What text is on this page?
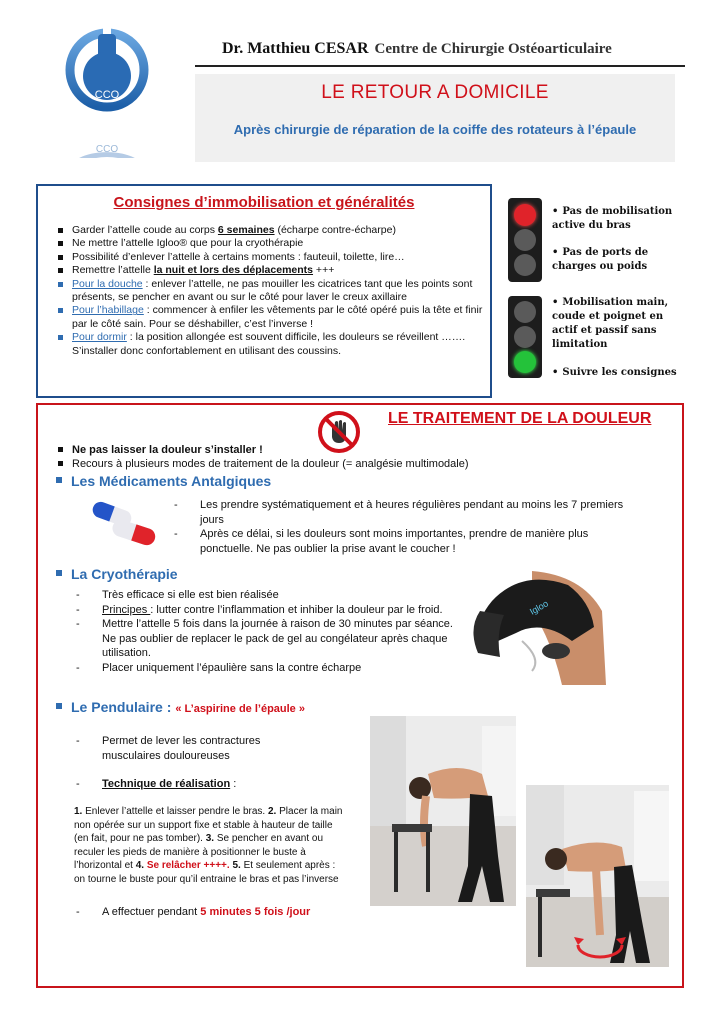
CCO
CCO
Dr. Matthieu CESAR Centre de Chirurgie Ostéoarticulaire
LE RETOUR A DOMICILE
Après chirurgie de réparation de la coiffe des rotateurs à l’épaule
Consignes d’immobilisation et généralités
Garder l’attelle coude au corps 6 semaines (écharpe contre-écharpe)
Ne mettre l’attelle Igloo® que pour la cryothérapie
Possibilité d’enlever l’attelle à certains moments : fauteuil, toilette, lire…
Remettre l’attelle la nuit et lors des déplacements +++
Pour la douche : enlever l’attelle, ne pas mouiller les cicatrices tant que les points sont présents, se pencher en avant ou sur le côté pour laver le creux axillaire
Pour l’habillage : commencer à enfiler les vêtements par le côté opéré puis la tête et finir par le côté sain. Pour se déshabiller, c’est l’inverse !
Pour dormir : la position allongée est souvent difficile, les douleurs se réveillent ……. S’installer donc confortablement en utilisant des coussins.
• Pas de mobilisation active du bras
• Pas de ports de charges ou poids
• Mobilisation main, coude et poignet en actif et passif sans limitation
• Suivre les consignes
LE TRAITEMENT DE LA DOULEUR
Ne pas laisser la douleur s’installer !
Recours à plusieurs modes de traitement de la douleur (= analgésie multimodale)
Les Médicaments Antalgiques
- Les prendre systématiquement et à heures régulières pendant au moins les 7 premiers jours
- Après ce délai, si les douleurs sont moins importantes, prendre de manière plus ponctuelle. Ne pas oublier la prise avant le coucher !
La Cryothérapie
- Très efficace si elle est bien réalisée
- Principes : lutter contre l’inflammation et inhiber la douleur par le froid.
- Mettre l’attelle 5 fois dans la journée à raison de 30 minutes par séance. Ne pas oublier de replacer le pack de gel au congélateur après chaque utilisation.
- Placer uniquement l’épaulière sans la contre écharpe
Igloo
Le Pendulaire : « L’aspirine de l’épaule »
- Permet de lever les contractures musculaires douloureuses
- Technique de réalisation :
1. Enlever l’attelle et laisser pendre le bras. 2. Placer la main non opérée sur un support fixe et stable à hauteur de taille (en fait, pour ne pas tomber). 3. Se pencher en avant ou reculer les pieds de manière à positionner le buste à l’horizontal et 4. Se relâcher ++++. 5. Et seulement après : on tourne le buste pour qu’il entraine le bras et pas l’inverse
- A effectuer pendant 5 minutes 5 fois /jour
